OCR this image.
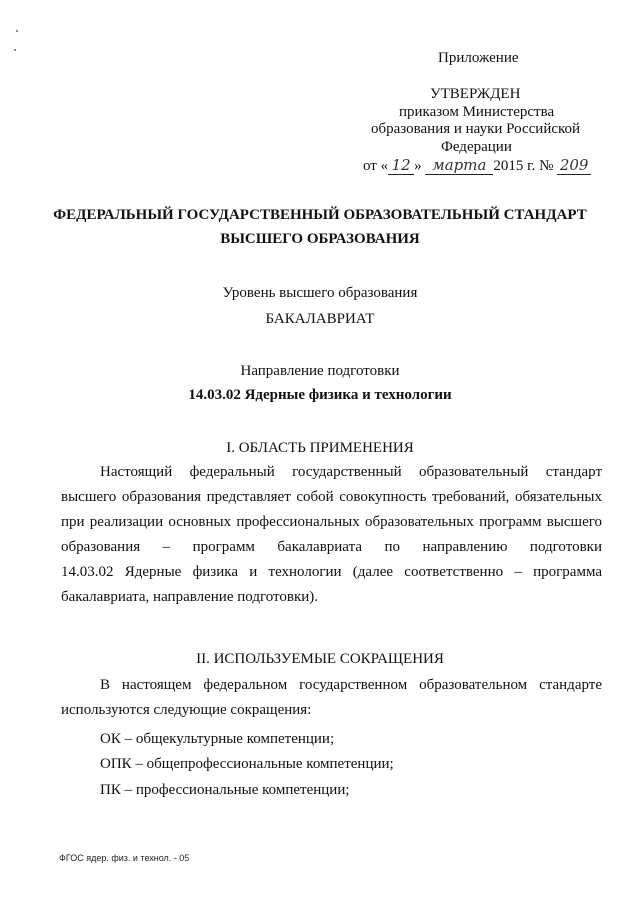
Приложение
УТВЕРЖДЕН
приказом Министерства
образования и науки Российской
Федерации
от « 12 » марта 2015 г. № 209
ФЕДЕРАЛЬНЫЙ ГОСУДАРСТВЕННЫЙ ОБРАЗОВАТЕЛЬНЫЙ СТАНДАРТ
ВЫСШЕГО ОБРАЗОВАНИЯ
Уровень высшего образования
БАКАЛАВРИАТ
Направление подготовки
14.03.02 Ядерные физика и технологии
I. ОБЛАСТЬ ПРИМЕНЕНИЯ
Настоящий федеральный государственный образовательный стандарт
высшего образования представляет собой совокупность требований, обязательных
при реализации основных профессиональных образовательных программ высшего
образования – программ бакалавриата по направлению подготовки
14.03.02 Ядерные физика и технологии (далее соответственно – программа
бакалавриата, направление подготовки).
II. ИСПОЛЬЗУЕМЫЕ СОКРАЩЕНИЯ
В настоящем федеральном государственном образовательном стандарте
используются следующие сокращения:
ОК – общекультурные компетенции;
ОПК – общепрофессиональные компетенции;
ПК – профессиональные компетенции;
ФГОС ядер. физ. и технол. - 05
